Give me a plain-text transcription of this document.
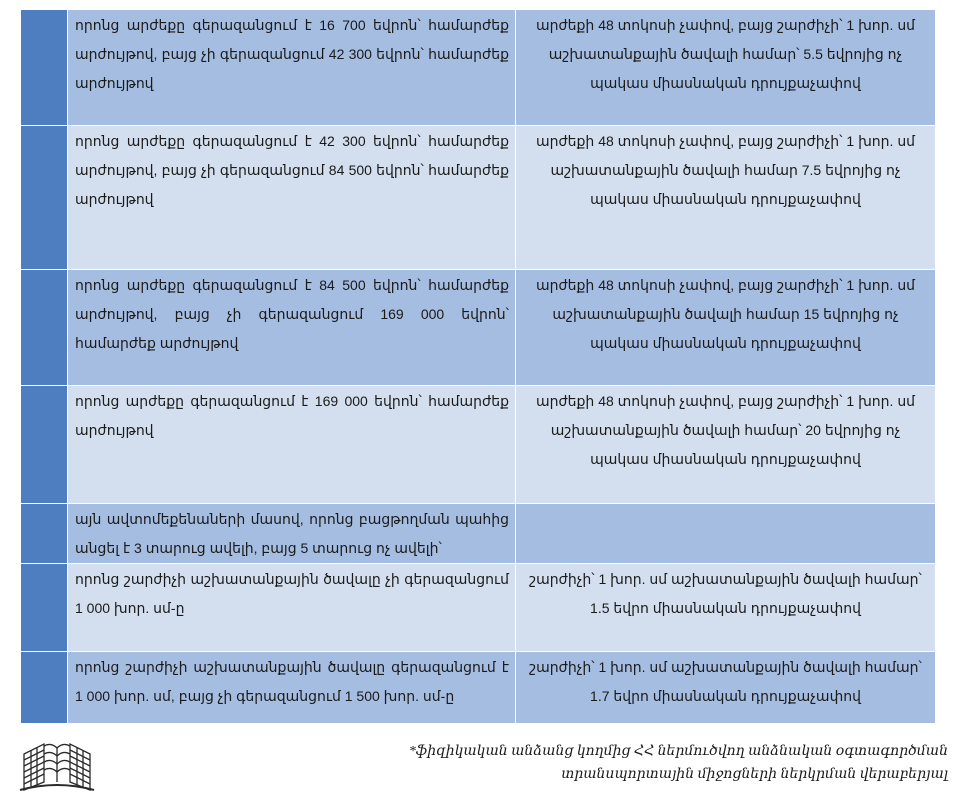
	որոնց արժեքը գերազանցում է 16 700 եվրոն՝ համարժեք արժույթով, բայց չի գերազանցում 42 300 եվրոն՝ համարժեք արժույթով	արժեքի 48 տոկոսի չափով, բայց շարժիչի՝ 1 խոր. սմ աշխատանքային ծավալի համար՝ 5.5 եվրոյից ոչ պակաս միասնական դրույքաչափով
	որոնց արժեքը գերազանցում է 42 300 եվրոն՝ համարժեք արժույթով, բայց չի գերազանցում 84 500 եվրոն՝ համարժեք արժույթով	արժեքի 48 տոկոսի չափով, բայց շարժիչի՝ 1 խոր. սմ աշխատանքային ծավալի համար 7.5 եվրոյից ոչ պակաս միասնական դրույքաչափով
	որոնց արժեքը գերազանցում է 84 500 եվրոն՝ համարժեք արժույթով, բայց չի գերազանցում 169 000 եվրոն՝ համարժեք արժույթով	արժեքի 48 տոկոսի չափով, բայց շարժիչի՝ 1 խոր. սմ աշխատանքային ծավալի համար 15 եվրոյից ոչ պակաս միասնական դրույքաչափով
	որոնց արժեքը գերազանցում է 169 000 եվրոն՝ համարժեք արժույթով	արժեքի 48 տոկոսի չափով, բայց շարժիչի՝ 1 խոր. սմ աշխատանքային ծավալի համար՝ 20 եվրոյից ոչ պակաս միասնական դրույքաչափով
	այն ավտոմեքենաների մասով, որոնց բացթողման պահից անցել է 3 տարուց ավելի, բայց 5 տարուց ոչ ավելի՝	
	որոնց շարժիչի աշխատանքային ծավալը չի գերազանցում 1 000 խոր. սմ-ը	շարժիչի՝ 1 խոր. սմ աշխատանքային ծավալի համար՝ 1.5 եվրո միասնական դրույքաչափով
	որոնց շարժիչի աշխատանքային ծավալը գերազանցում է 1 000 խոր. սմ, բայց չի գերազանցում 1 500 խոր. սմ-ը	շարժիչի՝ 1 խոր. սմ աշխատանքային ծավալի համար՝ 1.7 եվրո միասնական դրույքաչափով
*ֆիզիկական անձանց կողմից ՀՀ ներմուծվող անձնական օգտագործման
տրանսպորտային միջոցների ներկրման վերաբերյալ
